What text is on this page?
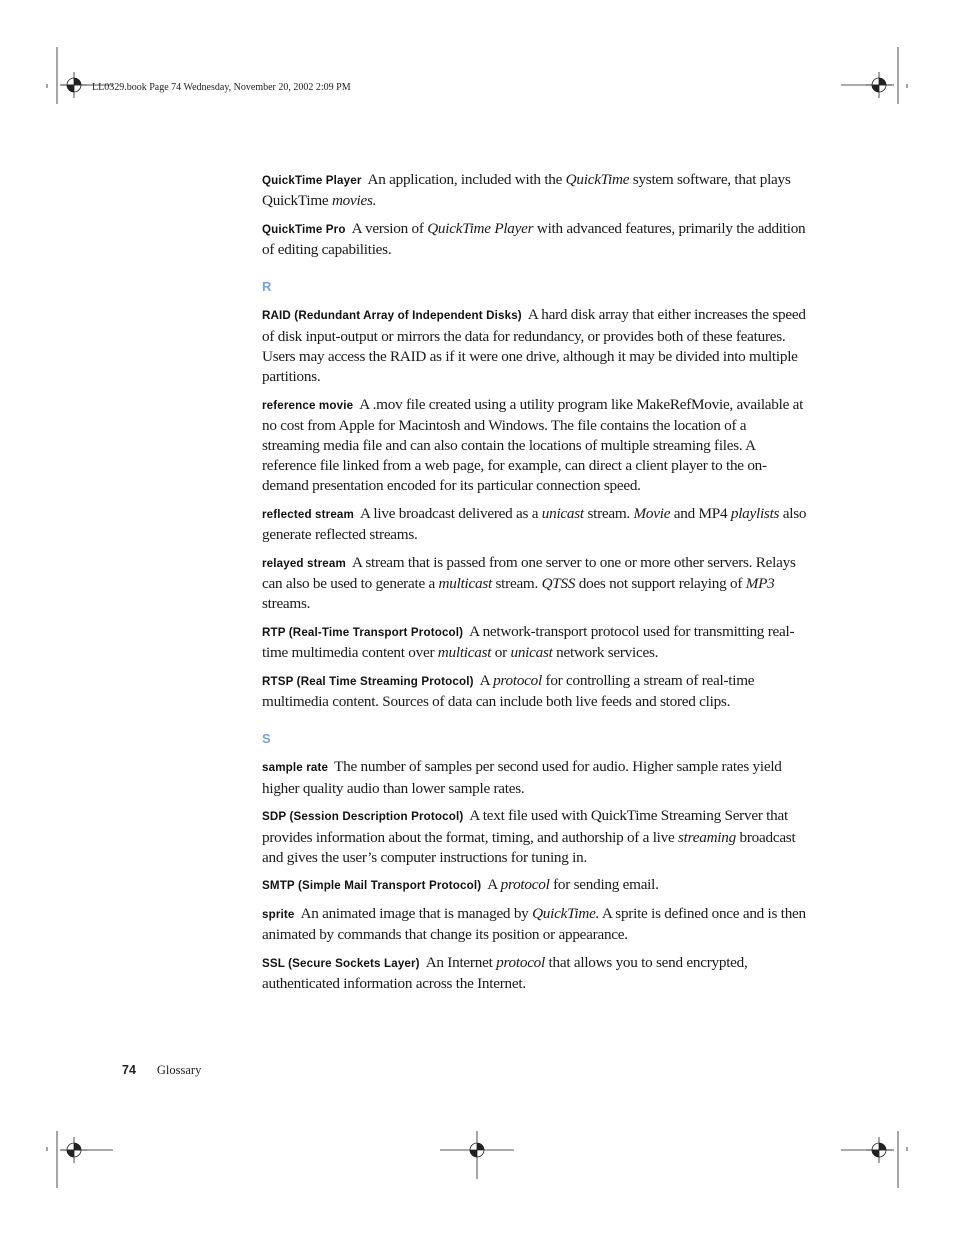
LL0329.book Page 74 Wednesday, November 20, 2002 2:09 PM

QuickTime Player An application, included with the QuickTime system software, that plays QuickTime movies.

QuickTime Pro A version of QuickTime Player with advanced features, primarily the addition of editing capabilities.

R

RAID (Redundant Array of Independent Disks) A hard disk array that either increases the speed of disk input-output or mirrors the data for redundancy, or provides both of these features. Users may access the RAID as if it were one drive, although it may be divided into multiple partitions.

reference movie A .mov file created using a utility program like MakeRefMovie, available at no cost from Apple for Macintosh and Windows. The file contains the location of a streaming media file and can also contain the locations of multiple streaming files. A reference file linked from a web page, for example, can direct a client player to the on-demand presentation encoded for its particular connection speed.

reflected stream A live broadcast delivered as a unicast stream. Movie and MP4 playlists also generate reflected streams.

relayed stream A stream that is passed from one server to one or more other servers. Relays can also be used to generate a multicast stream. QTSS does not support relaying of MP3 streams.

RTP (Real-Time Transport Protocol) A network-transport protocol used for transmitting real-time multimedia content over multicast or unicast network services.

RTSP (Real Time Streaming Protocol) A protocol for controlling a stream of real-time multimedia content. Sources of data can include both live feeds and stored clips.

S

sample rate The number of samples per second used for audio. Higher sample rates yield higher quality audio than lower sample rates.

SDP (Session Description Protocol) A text file used with QuickTime Streaming Server that provides information about the format, timing, and authorship of a live streaming broadcast and gives the user’s computer instructions for tuning in.

SMTP (Simple Mail Transport Protocol) A protocol for sending email.

sprite An animated image that is managed by QuickTime. A sprite is defined once and is then animated by commands that change its position or appearance.

SSL (Secure Sockets Layer) An Internet protocol that allows you to send encrypted, authenticated information across the Internet.

74 Glossary
